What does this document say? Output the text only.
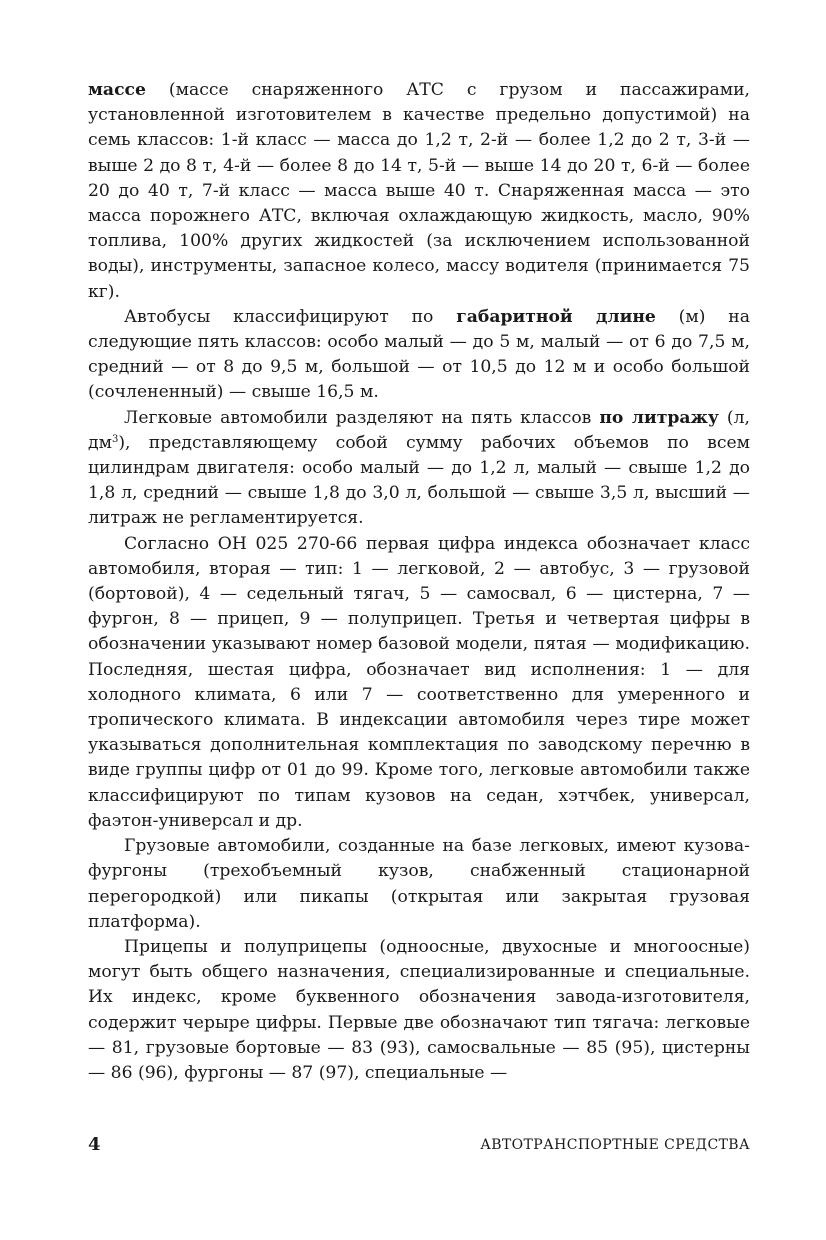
массе (массе снаряженного АТС с грузом и пассажирами, установленной изготовителем в качестве предельно допустимой) на семь классов: 1-й класс — масса до 1,2 т, 2-й — более 1,2 до 2 т, 3-й — выше 2 до 8 т, 4-й — более 8 до 14 т, 5-й — выше 14 до 20 т, 6-й — более 20 до 40 т, 7-й класс — масса выше 40 т. Снаряженная масса — это масса порожнего АТС, включая охлаждающую жидкость, масло, 90% топлива, 100% других жидкостей (за исключением использованной воды), инструменты, запасное колесо, массу водителя (принимается 75 кг).

Автобусы классифицируют по габаритной длине (м) на следующие пять классов: особо малый — до 5 м, малый — от 6 до 7,5 м, средний — от 8 до 9,5 м, большой — от 10,5 до 12 м и особо большой (сочлененный) — свыше 16,5 м.

Легковые автомобили разделяют на пять классов по литражу (л, $дм^3$), представляющему собой сумму рабочих объемов по всем цилиндрам двигателя: особо малый — до 1,2 л, малый — свыше 1,2 до 1,8 л, средний — свыше 1,8 до 3,0 л, большой — свыше 3,5 л, высший — литраж не регламентируется.

Согласно ОН 025 270-66 первая цифра индекса обозначает класс автомобиля, вторая — тип: 1 — легковой, 2 — автобус, 3 — грузовой (бортовой), 4 — седельный тягач, 5 — самосвал, 6 — цистерна, 7 — фургон, 8 — прицеп, 9 — полуприцеп. Третья и четвертая цифры в обозначении указывают номер базовой модели, пятая — модификацию. Последняя, шестая цифра, обозначает вид исполнения: 1 — для холодного климата, 6 или 7 — соответственно для умеренного и тропического климата. В индексации автомобиля через тире может указываться дополнительная комплектация по заводскому перечню в виде группы цифр от 01 до 99. Кроме того, легковые автомобили также классифицируют по типам кузовов на седан, хэтчбек, универсал, фаэтон-универсал и др.

Грузовые автомобили, созданные на базе легковых, имеют кузова-фургоны (трехобъемный кузов, снабженный стационарной перегородкой) или пикапы (открытая или закрытая грузовая платформа).

Прицепы и полуприцепы (одноосные, двухосные и многоосные) могут быть общего назначения, специализированные и специальные. Их индекс, кроме буквенного обозначения завода-изготовителя, содержит черыре цифры. Первые две обозначают тип тягача: легковые — 81, грузовые бортовые — 83 (93), самосвальные — 85 (95), цистерны — 86 (96), фургоны — 87 (97), специальные —

4	АВТОТРАНСПОРТНЫЕ СРЕДСТВА
